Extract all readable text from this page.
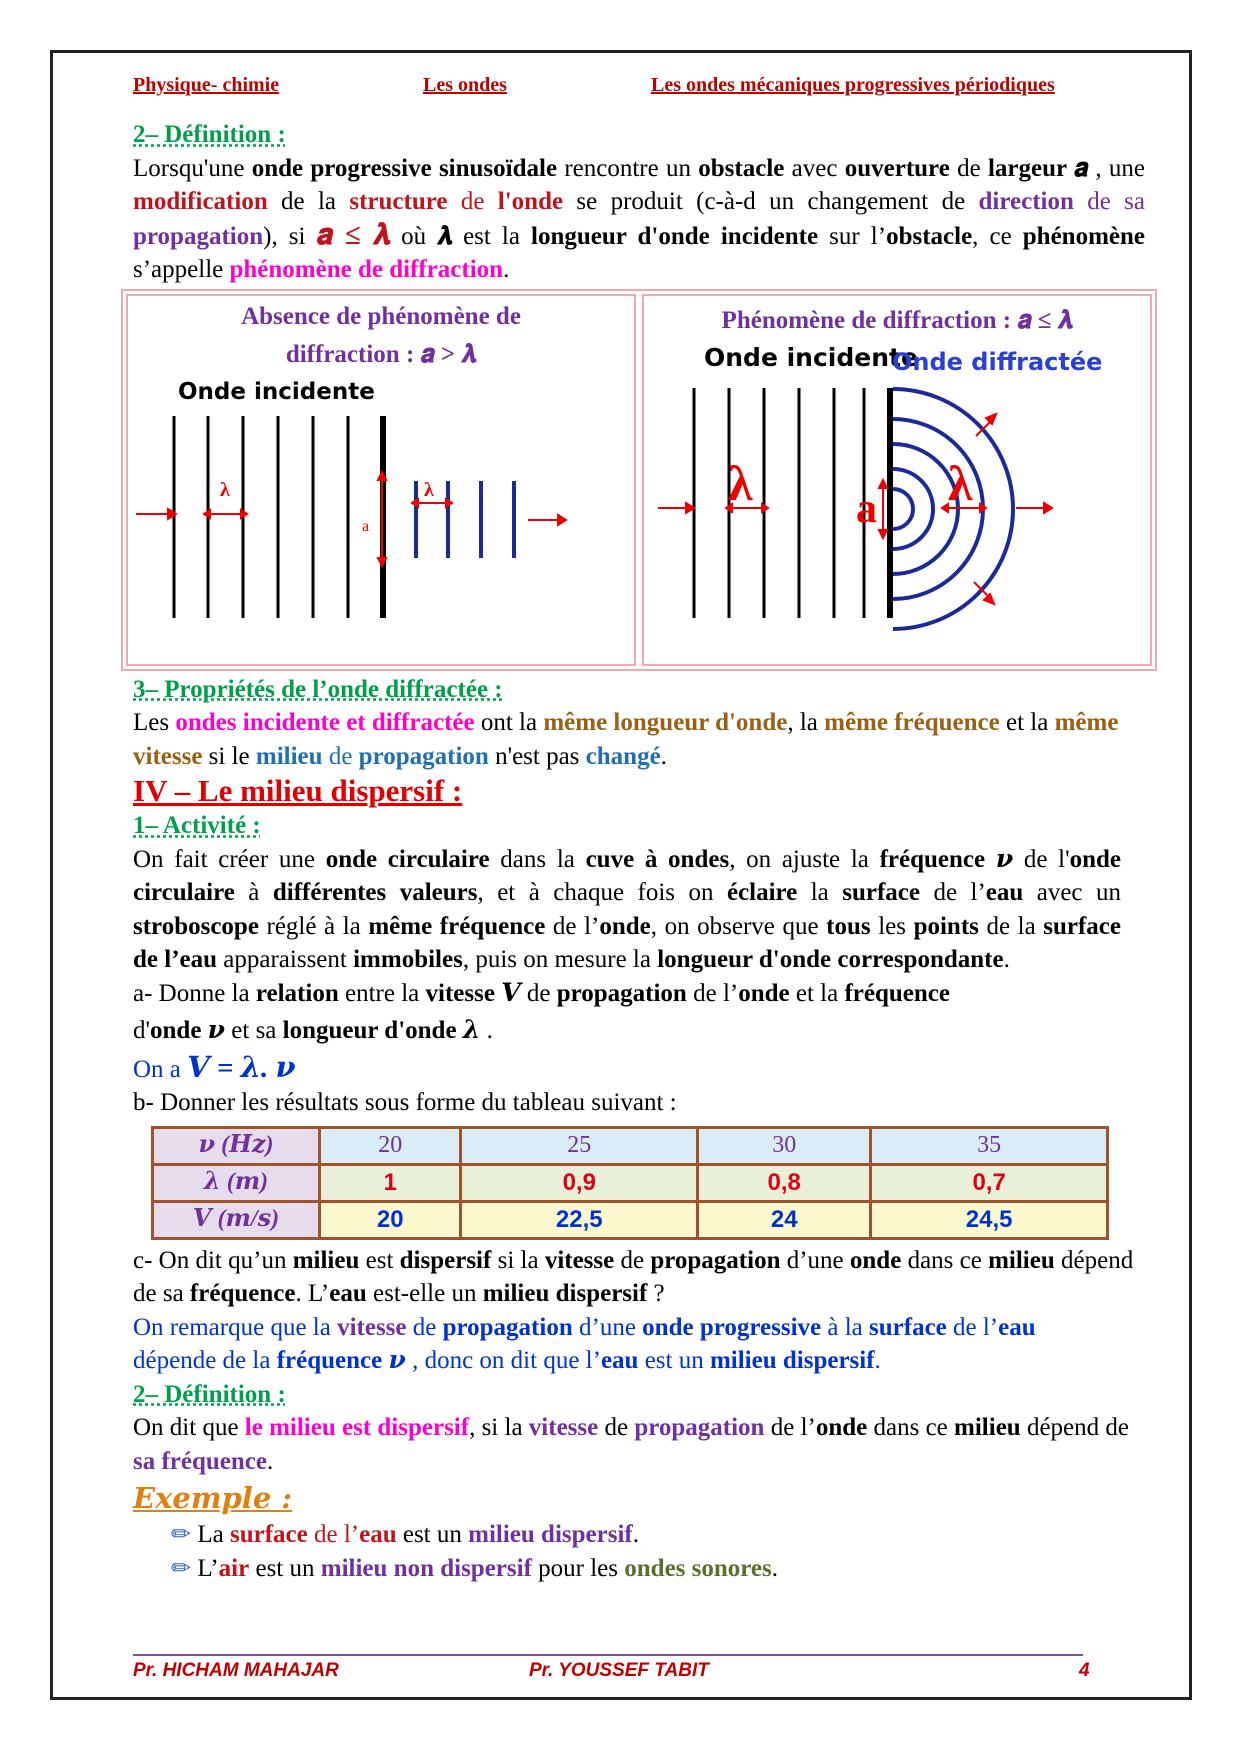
Physique- chimie	Les ondes	Les ondes mécaniques progressives périodiques
2– Définition :

Lorsqu'une onde progressive sinusoïdale rencontre un obstacle avec ouverture de largeur 𝒂 , une modification de la structure de l'onde se produit (c-à-d un changement de direction de sa propagation), si 𝒂 ≤ 𝝀 où 𝝀 est la longueur d'onde incidente sur l’obstacle, ce phénomène s’appelle phénomène de diffraction.

Absence de phénomène de
diffraction : 𝒂 > 𝝀
Onde incidente
λ
a
λ
Phénomène de diffraction : 𝒂 ≤ 𝝀
Onde incidente
Onde diffractée
λ a λ
3– Propriétés de l’onde diffractée :

Les ondes incidente et diffractée ont la même longueur d'onde, la même fréquence et la même vitesse si le milieu de propagation n'est pas changé.

IV – Le milieu dispersif :
1– Activité :

On fait créer une onde circulaire dans la cuve à ondes, on ajuste la fréquence 𝝂 de l'onde circulaire à différentes valeurs, et à chaque fois on éclaire la surface de l’eau avec un stroboscope réglé à la même fréquence de l’onde, on observe que tous les points de la surface de l’eau apparaissent immobiles, puis on mesure la longueur d'onde correspondante.

a- Donne la relation entre la vitesse 𝑽 de propagation de l’onde et la fréquence

d'onde 𝝂 et sa longueur d'onde 𝝀 .

On a 𝑽 = 𝝀. 𝝂

b- Donner les résultats sous forme du tableau suivant :

𝝂 (𝑯𝒛)	20	25	30	35
𝝀 (𝒎)	1	0,9	0,8	0,7
𝑽 (𝒎/𝒔)	20	22,5	24	24,5

c- On dit qu’un milieu est dispersif si la vitesse de propagation d’une onde dans ce milieu dépend de sa fréquence. L’eau est-elle un milieu dispersif ?

On remarque que la vitesse de propagation d’une onde progressive à la surface de l’eau dépende de la fréquence 𝝂 , donc on dit que l’eau est un milieu dispersif.

2– Définition :

On dit que le milieu est dispersif, si la vitesse de propagation de l’onde dans ce milieu dépend de sa fréquence.

Exemple :

✏ La surface de l’eau est un milieu dispersif.

✏ L’air est un milieu non dispersif pour les ondes sonores.

Pr. HICHAM MAHAJAR	Pr. YOUSSEF TABIT	4
